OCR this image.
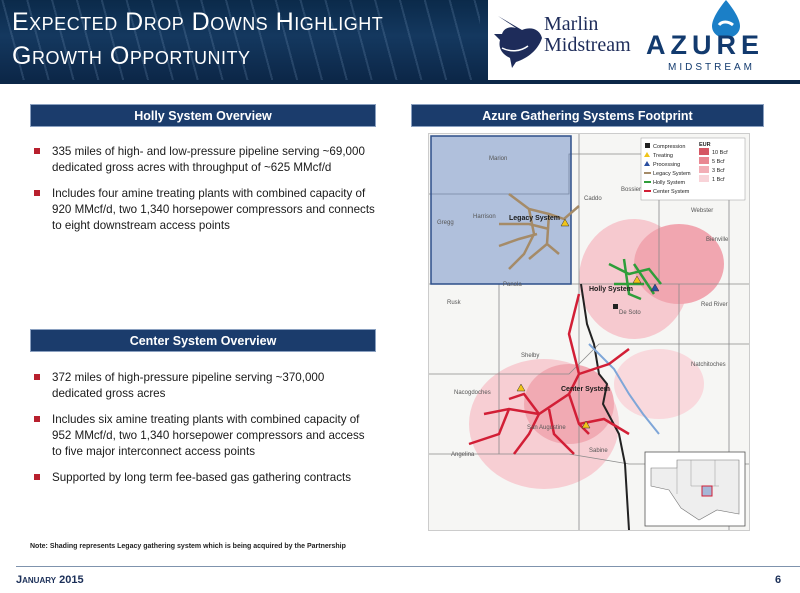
Expected Drop Downs Highlight
Growth Opportunity
Marlin Midstream AZURE
MIDSTREAM
Holly System Overview
335 miles of high- and low-pressure pipeline serving ~69,000 dedicated gross acres with throughput of ~625 MMcf/d
Includes four amine treating plants with combined capacity of 920 MMcf/d, two 1,340 horsepower compressors and connects to eight downstream access points
Center System Overview
372 miles of high-pressure pipeline serving ~370,000 dedicated gross acres
Includes six amine treating plants with combined capacity of 952 MMcf/d, two 1,340 horsepower compressors and access to five major interconnect access points
Supported by long term fee-based gas gathering contracts
Note: Shading represents Legacy gathering system which is being acquired by the Partnership
Azure Gathering Systems Footprint
Marion
Harrison
Caddo
Bossier
Webster
Gregg
Panola
De Soto
Bienville
Red River
Rusk
Shelby
Natchitoches
Nacogdoches
Sabine
San Augustine
Angelina
Legacy System
Holly System
Center System
EUR
Compression
Treating
Processing
Legacy System
Holly System
Center System
10 Bcf
5 Bcf
3 Bcf
1 Bcf
January 2015	6
